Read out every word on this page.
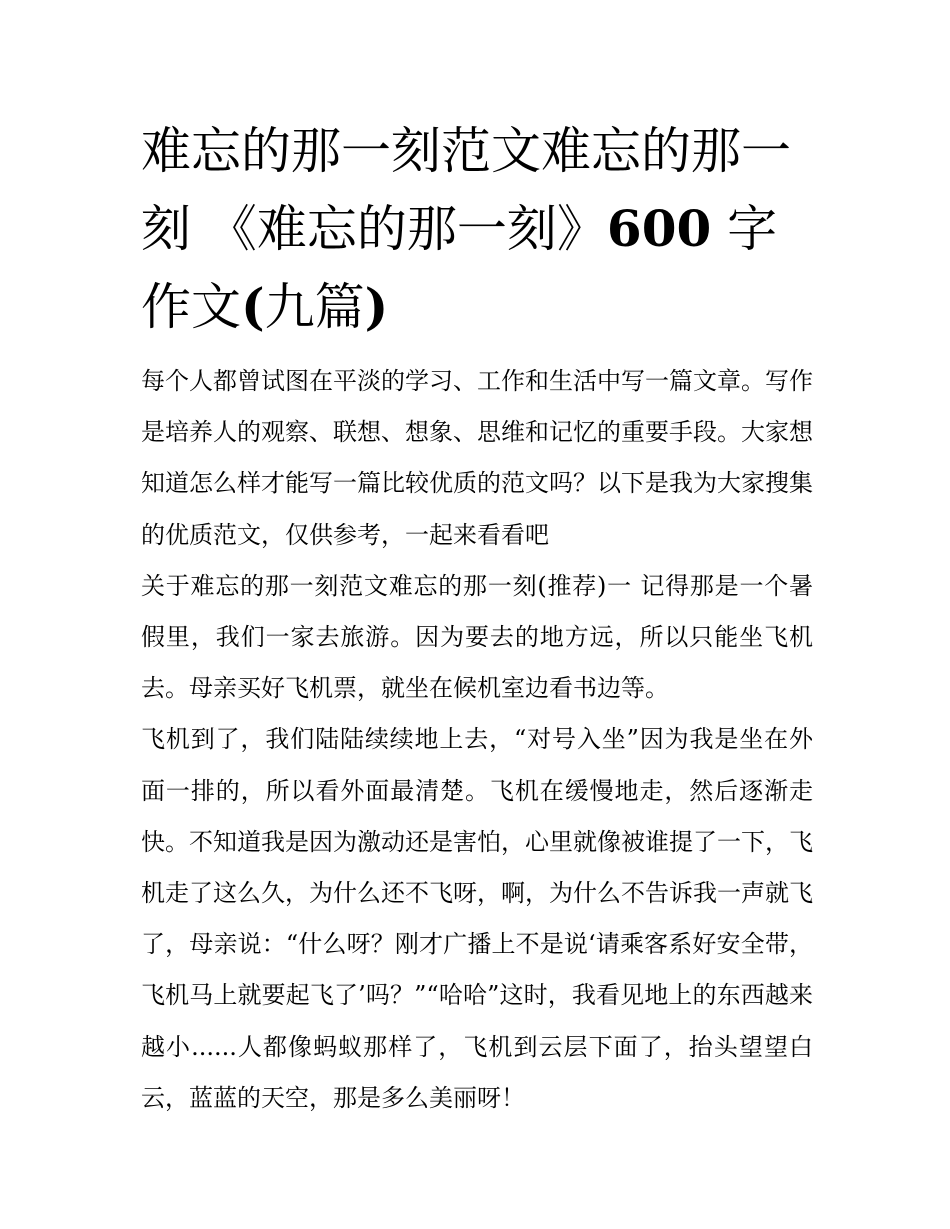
难忘的那一刻范文难忘的那一刻 《难忘的那一刻》600 字作文(九篇)

每个人都曾试图在平淡的学习、工作和生活中写一篇文章。写作是培养人的观察、联想、想象、思维和记忆的重要手段。大家想知道怎么样才能写一篇比较优质的范文吗？以下是我为大家搜集的优质范文，仅供参考，一起来看看吧

关于难忘的那一刻范文难忘的那一刻(推荐)一 记得那是一个暑假里，我们一家去旅游。因为要去的地方远，所以只能坐飞机去。母亲买好飞机票，就坐在候机室边看书边等。

飞机到了，我们陆陆续续地上去，“对号入坐”因为我是坐在外面一排的，所以看外面最清楚。飞机在缓慢地走，然后逐渐走快。不知道我是因为激动还是害怕，心里就像被谁提了一下，飞机走了这么久，为什么还不飞呀，啊，为什么不告诉我一声就飞了，母亲说：“什么呀？刚才广播上不是说‘请乘客系好安全带，飞机马上就要起飞了’吗？”“哈哈”这时，我看见地上的东西越来越小......人都像蚂蚁那样了，飞机到云层下面了，抬头望望白云，蓝蓝的天空，那是多么美丽呀！
